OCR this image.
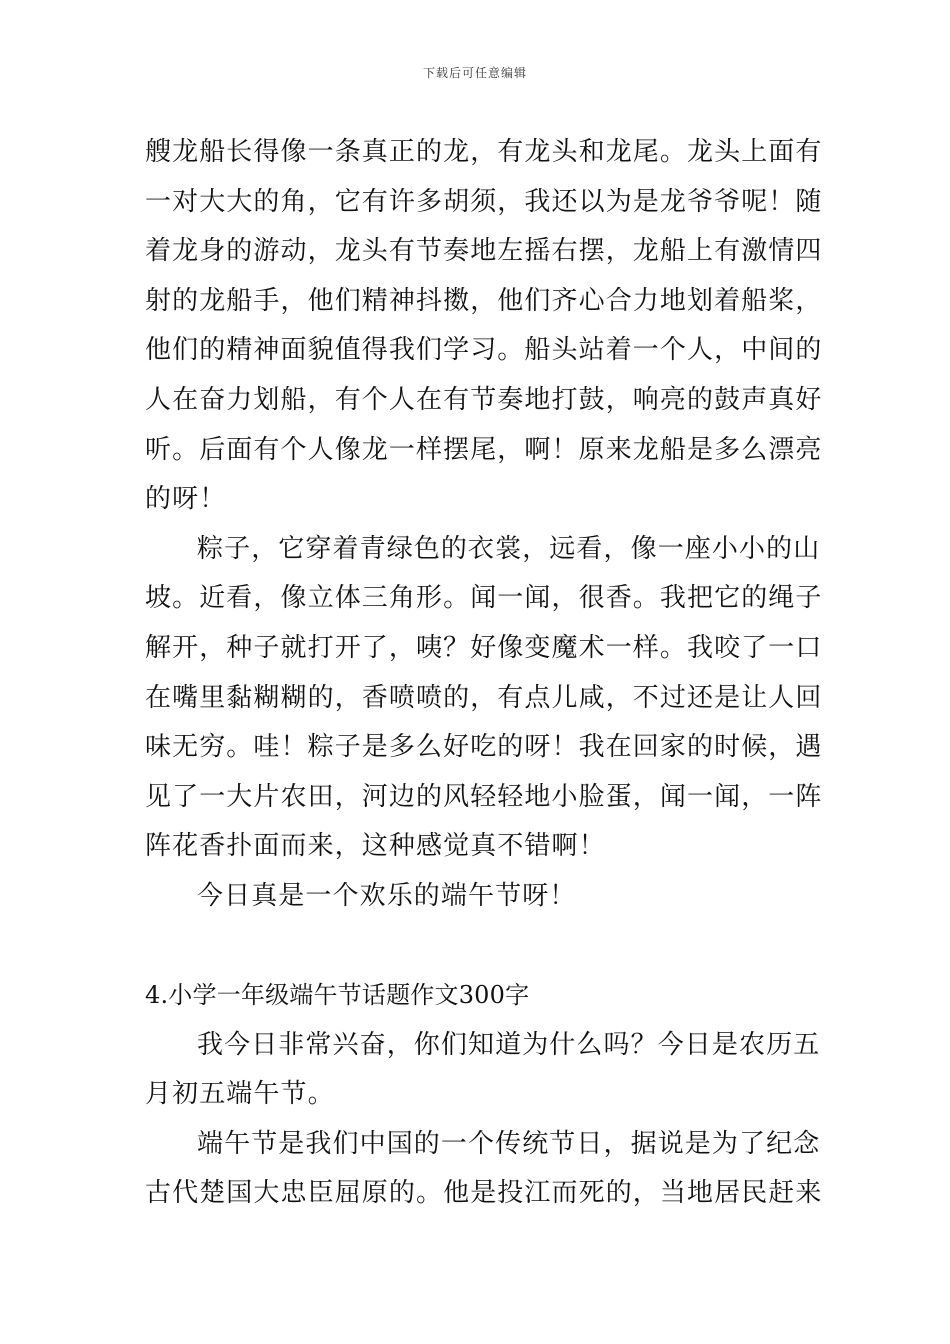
下载后可任意编辑
艘龙船长得像一条真正的龙，有龙头和龙尾。龙头上面有
一对大大的角，它有许多胡须，我还以为是龙爷爷呢！随
着龙身的游动，龙头有节奏地左摇右摆，龙船上有激情四
射的龙船手，他们精神抖擞，他们齐心合力地划着船桨，
他们的精神面貌值得我们学习。船头站着一个人，中间的
人在奋力划船，有个人在有节奏地打鼓，响亮的鼓声真好
听。后面有个人像龙一样摆尾，啊！原来龙船是多么漂亮
的呀！
粽子，它穿着青绿色的衣裳，远看，像一座小小的山
坡。近看，像立体三角形。闻一闻，很香。我把它的绳子
解开，种子就打开了，咦？好像变魔术一样。我咬了一口
在嘴里黏糊糊的，香喷喷的，有点儿咸，不过还是让人回
味无穷。哇！粽子是多么好吃的呀！我在回家的时候，遇
见了一大片农田，河边的风轻轻地小脸蛋，闻一闻，一阵
阵花香扑面而来，这种感觉真不错啊！
今日真是一个欢乐的端午节呀！
4.小学一年级端午节话题作文300字
我今日非常兴奋，你们知道为什么吗？今日是农历五
月初五端午节。
端午节是我们中国的一个传统节日，据说是为了纪念
古代楚国大忠臣屈原的。他是投江而死的，当地居民赶来
